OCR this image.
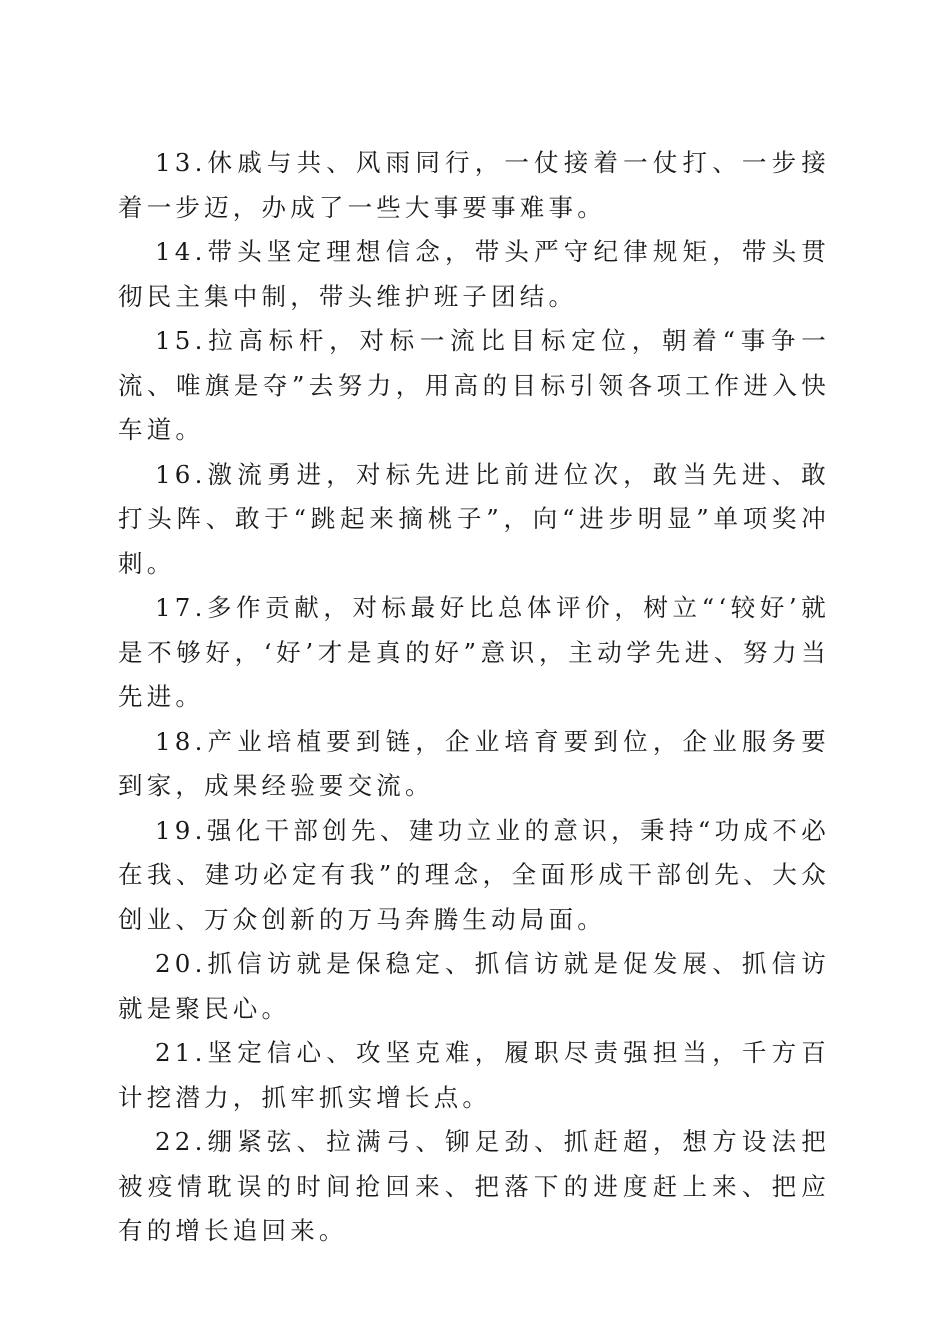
13.休戚与共、风雨同行，一仗接着一仗打、一步接着一步迈，办成了一些大事要事难事。

14.带头坚定理想信念，带头严守纪律规矩，带头贯彻民主集中制，带头维护班子团结。

15.拉高标杆，对标一流比目标定位，朝着“事争一流、唯旗是夺”去努力，用高的目标引领各项工作进入快车道。

16.激流勇进，对标先进比前进位次，敢当先进、敢打头阵、敢于“跳起来摘桃子”，向“进步明显”单项奖冲刺。

17.多作贡献，对标最好比总体评价，树立“‘较好’就是不够好，‘好’才是真的好”意识，主动学先进、努力当先进。

18.产业培植要到链，企业培育要到位，企业服务要到家，成果经验要交流。

19.强化干部创先、建功立业的意识，秉持“功成不必在我、建功必定有我”的理念，全面形成干部创先、大众创业、万众创新的万马奔腾生动局面。

20.抓信访就是保稳定、抓信访就是促发展、抓信访就是聚民心。

21.坚定信心、攻坚克难，履职尽责强担当，千方百计挖潜力，抓牢抓实增长点。

22.绷紧弦、拉满弓、铆足劲、抓赶超，想方设法把被疫情耽误的时间抢回来、把落下的进度赶上来、把应有的增长追回来。
